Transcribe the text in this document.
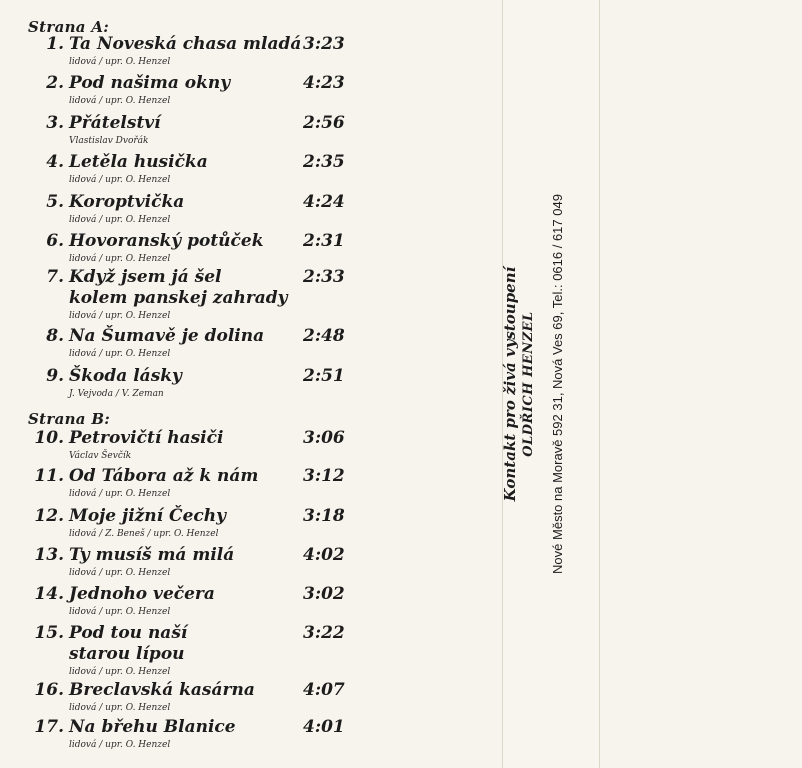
Strana A:
1. Ta Noveská chasa mladá 3:23
lidová / upr. O. Henzel
2. Pod našima okny	4:23
lidová / upr. O. Henzel
3. Přátelství	2:56
Vlastislav Dvořák
4. Letěla husička	2:35
lidová / upr. O. Henzel
5. Koroptvička	4:24
lidová / upr. O. Henzel
6. Hovoranský potůček	2:31
lidová / upr. O. Henzel
7. Když jsem já šel
kolem panskej zahrady
2:33
lidová / upr. O. Henzel
8. Na Šumavě je dolina	2:48
lidová / upr. O. Henzel
9. Škoda lásky	2:51
J. Vejvoda / V. Zeman
Strana B:
10. Petrovičtí hasiči	3:06
Václav Ševčík
11. Od Tábora až k nám	3:12
lidová / upr. O. Henzel
12. Moje jižní Čechy	3:18
lidová / Z. Beneš / upr. O. Henzel
13. Ty musíš má milá	4:02
lidová / upr. O. Henzel
14. Jednoho večera	3:02
lidová / upr. O. Henzel
15. Pod tou naší
starou lípou
3:22
lidová / upr. O. Henzel
16. Breclavská kasárna	4:07
lidová / upr. O. Henzel
17. Na břehu Blanice	4:01
lidová / upr. O. Henzel
Kontakt pro živá vystoupení OLDŘICH HENZEL Nové Město na Moravě 592 31, Nová Ves 69, Tel.: 0616 / 617 049
